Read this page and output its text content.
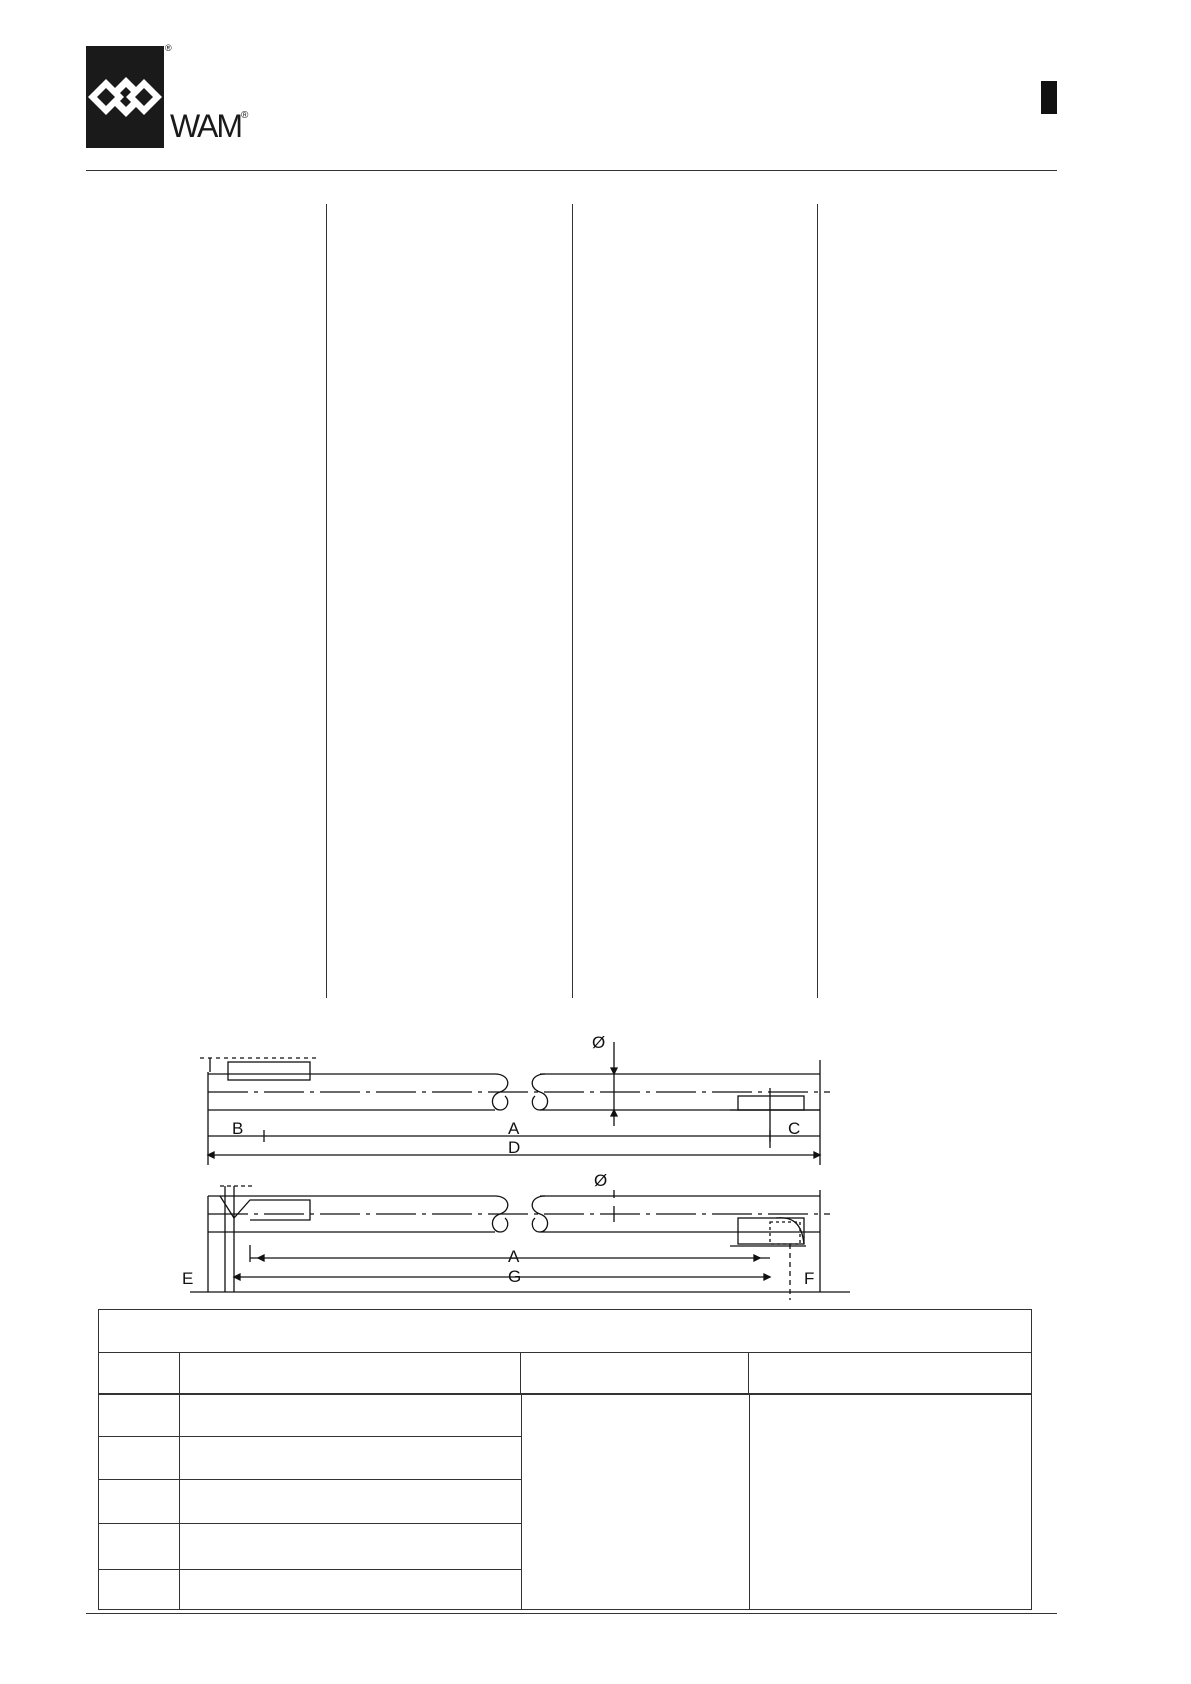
®
WAM®
Ø
B	A	C
D
Ø
A
E	G	F
